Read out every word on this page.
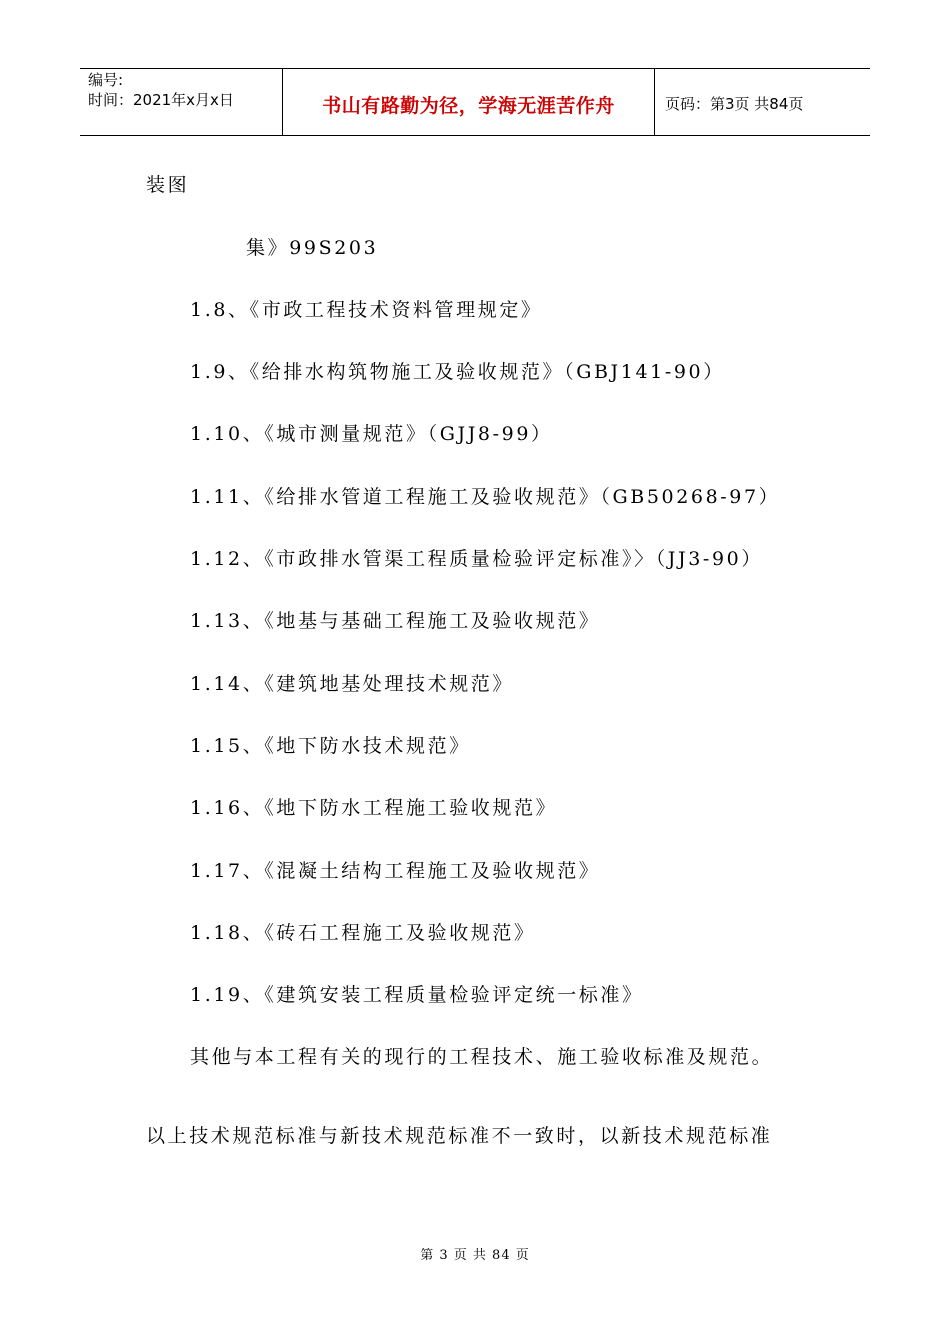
编号:
时间：2021年x月x日	书山有路勤为径，学海无涯苦作舟	页码：第3页 共84页
装图
集》99S203
1.8、《市政工程技术资料管理规定》
1.9、《给排水构筑物施工及验收规范》（GBJ141-90）
1.10、《城市测量规范》（GJJ8-99）
1.11、《给排水管道工程施工及验收规范》（GB50268-97）
1.12、《市政排水管渠工程质量检验评定标准》〉（JJ3-90）
1.13、《地基与基础工程施工及验收规范》
1.14、《建筑地基处理技术规范》
1.15、《地下防水技术规范》
1.16、《地下防水工程施工验收规范》
1.17、《混凝土结构工程施工及验收规范》
1.18、《砖石工程施工及验收规范》
1.19、《建筑安装工程质量检验评定统一标准》
其他与本工程有关的现行的工程技术、施工验收标准及规范。
以上技术规范标准与新技术规范标准不一致时，以新技术规范标准
第 3 页 共 84 页
